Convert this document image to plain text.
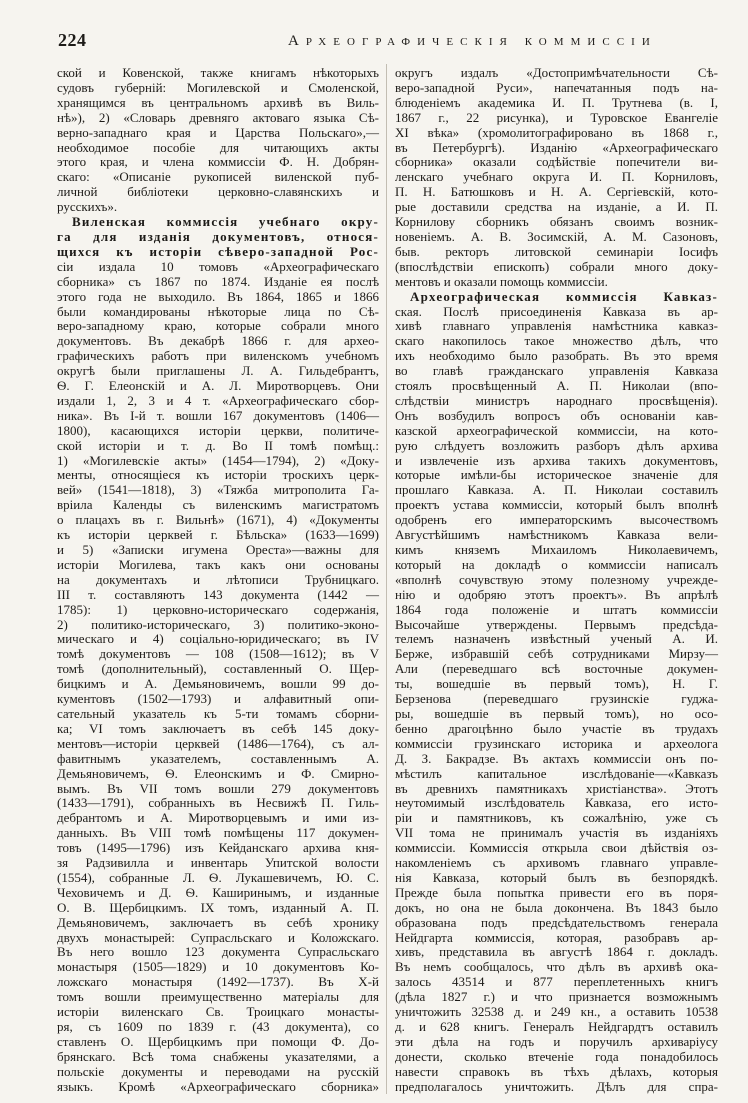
224	Археографическія коммиссіи
ской и Ковенской, также книгамъ нѣкоторыхъ
судовъ губерній: Могилевской и Смоленской,
хранящимся въ центральномъ архивѣ въ Виль-
нѣ»), 2) «Словарь древняго актоваго языка Сѣ-
верно-западнаго края и Царства Польскаго»,—
необходимое пособіе для читающихъ акты
этого края, и члена коммиссіи Ф. Н. Добрян-
скаго: «Описаніе рукописей виленской пуб-
личной библіотеки церковно-славянскихъ и
русскихъ».
Виленская коммиссія учебнаго окру-
га для изданія документовъ, относя-
щихся къ исторіи сѣверо-западной Рос-
сіи издала 10 томовъ «Археографическаго
сборника» съ 1867 по 1874. Изданіе ея послѣ
этого года не выходило. Въ 1864, 1865 и 1866
были командированы нѣкоторые лица по Сѣ-
веро-западному краю, которые собрали много
документовъ. Въ декабрѣ 1866 г. для архео-
графическихъ работъ при виленскомъ учебномъ
округѣ были приглашены Л. А. Гильдебрантъ,
Ѳ. Г. Елеонскій и А. Л. Миротворцевъ. Они
издали 1, 2, 3 и 4 т. «Археографическаго сбор-
ника». Въ I-й т. вошли 167 документовъ (1406—
1800), касающихся исторіи церкви, политиче-
ской исторіи и т. д. Во II томѣ помѣщ.:
1) «Могилевскіе акты» (1454—1794), 2) «Доку-
менты, относящіеся къ исторіи троскихъ церк-
вей» (1541—1818), 3) «Тяжба митрополита Га-
вріила Календы съ виленскимъ магистратомъ
о плацахъ въ г. Вильнѣ» (1671), 4) «Документы
къ исторіи церквей г. Бѣльска» (1633—1699)
и 5) «Записки игумена Ореста»—важны для
исторіи Могилева, такъ какъ они основаны
на документахъ и лѣтописи Трубницкаго.
III т. составляютъ 143 документа (1442 —
1785): 1) церковно-историческаго содержанія,
2) политико-историческаго, 3) политико-эконо-
мическаго и 4) соціально-юридическаго; въ IV
томѣ документовъ — 108 (1508—1612); въ V
томѣ (дополнительный), составленный О. Щер-
бицкимъ и А. Демьяновичемъ, вошли 99 до-
кументовъ (1502—1793) и алфавитный опи-
сательный указатель къ 5-ти томамъ сборни-
ка; VI томъ заключаетъ въ себѣ 145 доку-
ментовъ—исторіи церквей (1486—1764), съ ал-
фавитнымъ указателемъ, составленнымъ А.
Демьяновичемъ, Ѳ. Елеонскимъ и Ф. Смирно-
вымъ. Въ VII томъ вошли 279 документовъ
(1433—1791), собранныхъ въ Несвижѣ П. Гиль-
дебрантомъ и А. Миротворцевымъ и ими из-
данныхъ. Въ VIII томѣ помѣщены 117 докумен-
товъ (1495—1796) изъ Кейданскаго архива кня-
зя Радзивилла и инвентарь Упитской волости
(1554), собранные Л. Ѳ. Лукашевичемъ, Ю. С.
Чеховичемъ и Д. Ѳ. Каширинымъ, и изданные
О. В. Щербицкимъ. IX томъ, изданный А. П.
Демьяновичемъ, заключаетъ въ себѣ хронику
двухъ монастырей: Супрасльскаго и Коложскаго.
Въ него вошло 123 документа Супрасльскаго
монастыря (1505—1829) и 10 документовъ Ко-
ложскаго монастыря (1492—1737). Въ X-й
томъ вошли преимущественно матеріалы для
исторіи виленскаго Св. Троицкаго монасты-
ря, съ 1609 по 1839 г. (43 документа), со
ставленъ О. Щербицкимъ при помощи Ф. До-
брянскаго. Всѣ тома снабжены указателями, а
польскіе документы и переводами на русскій
языкъ. Кромѣ «Археографическаго сборника»
округъ издалъ «Достопримѣчательности Сѣ-
веро-западной Руси», напечатанныя подъ на-
блюденіемъ академика И. П. Трутнева (в. I,
1867 г., 22 рисунка), и Туровское Евангеліе
XI вѣка» (хромолитографировано въ 1868 г.,
въ Петербургѣ). Изданію «Археографическаго
сборника» оказали содѣйствіе попечители ви-
ленскаго учебнаго округа И. П. Корниловъ,
П. Н. Батюшковъ и Н. А. Сергіевскій, кото-
рые доставили средства на изданіе, а И. П.
Корнилову сборникъ обязанъ своимъ возник-
новеніемъ. А. В. Зосимскій, А. М. Сазоновъ,
быв. ректоръ литовской семинаріи Іосифъ
(впослѣдствіи епископъ) собрали много доку-
ментовъ и оказали помощь коммиссіи.
Археографическая коммиссія Кавказ-
ская. Послѣ присоединенія Кавказа въ ар-
хивѣ главнаго управленія намѣстника кавказ-
скаго накопилось такое множество дѣлъ, что
ихъ необходимо было разобрать. Въ это время
во главѣ гражданскаго управленія Кавказа
стоялъ просвѣщенный А. П. Николаи (впо-
слѣдствіи министръ народнаго просвѣщенія).
Онъ возбудилъ вопросъ объ основаніи кав-
казской археографической коммиссіи, на кото-
рую слѣдуетъ возложить разборъ дѣлъ архива
и извлеченіе изъ архива такихъ документовъ,
которые имѣли-бы историческое значеніе для
прошлаго Кавказа. А. П. Николаи составилъ
проектъ устава коммиссіи, который былъ вполнѣ
одобренъ его императорскимъ высочествомъ
Августѣйшимъ намѣстникомъ Кавказа вели-
кимъ княземъ Михаиломъ Николаевичемъ,
который на докладѣ о коммиссіи написалъ
«вполнѣ сочувствую этому полезному учрежде-
нію и одобряю этотъ проектъ». Въ апрѣлѣ
1864 года положеніе и штатъ коммиссіи
Высочайше утверждены. Первымъ предсѣда-
телемъ назначенъ извѣстный ученый А. И.
Берже, избравшій себѣ сотрудниками Мирзу—
Али (переведшаго всѣ восточные докумен-
ты, вошедшіе въ первый томъ), Н. Г.
Берзенова (переведшаго грузинскіе гуджа-
ры, вошедшіе въ первый томъ), но осо-
бенно драгоцѣнно было участіе въ трудахъ
коммиссіи грузинскаго историка и археолога
Д. З. Бакрадзе. Въ актахъ коммиссіи онъ по-
мѣстилъ капитальное изслѣдованіе—«Кавказъ
въ древнихъ памятникахъ христіанства». Этотъ
неутомимый изслѣдователь Кавказа, его исто-
ріи и памятниковъ, къ сожалѣнію, уже съ
VII тома не принималъ участія въ изданіяхъ
коммиссіи. Коммиссія открыла свои дѣйствія оз-
накомленіемъ съ архивомъ главнаго управле-
нія Кавказа, который былъ въ безпорядкѣ.
Прежде была попытка привести его въ поря-
докъ, но она не была докончена. Въ 1843 было
образована подъ предсѣдательствомъ генерала
Нейдгарта коммиссія, которая, разобравъ ар-
хивъ, представила въ августѣ 1864 г. докладъ.
Въ немъ сообщалось, что дѣлъ въ архивѣ ока-
залось 43514 и 877 переплетенныхъ книгъ
(дѣла 1827 г.) и что признается возможнымъ
уничтожить 32538 д. и 249 кн., а оставить 10538
д. и 628 книгъ. Генералъ Нейдгардтъ оставилъ
эти дѣла на годъ и поручилъ архиваріусу
донести, сколько втеченіе года понадобилось
навести справокъ въ тѣхъ дѣлахъ, которыя
предполагалось уничтожить. Дѣлъ для спра-
